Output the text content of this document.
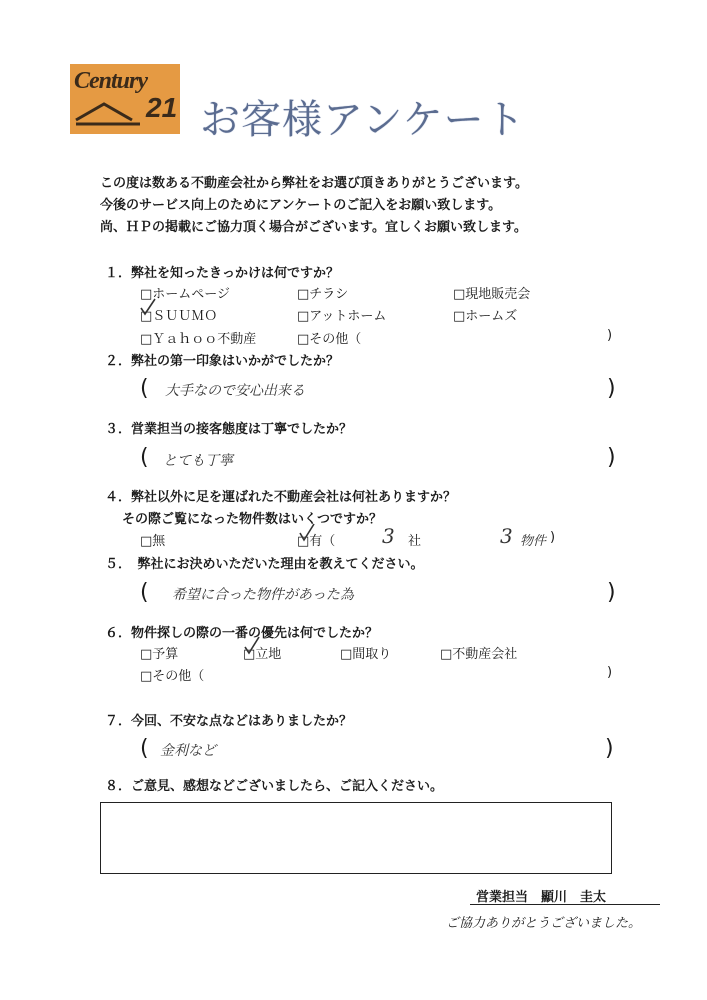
Century
21 お客様アンケート
この度は数ある不動産会社から弊社をお選び頂きありがとうございます。
今後のサービス向上のためにアンケートのご記入をお願い致します。
尚、ＨＰの掲載にご協力頂く場合がございます。宜しくお願い致します。
１．弊社を知ったきっかけは何ですか？
□ホームページ	□チラシ	□現地販売会
□ＳＵＵＭＯ	□アットホーム	□ホームズ
□Ｙａｈｏｏ不動産	□その他（	)
２．弊社の第一印象はいかがでしたか？
( 大手なので安心出来る	)
３．営業担当の接客態度は丁寧でしたか？
( とても丁寧	)
４．弊社以外に足を運ばれた不動産会社は何社ありますか？
その際ご覧になった物件数はいくつですか？
□無	□有（ 3 社	3 物件 )
５．　弊社にお決めいただいた理由を教えてください。
( 希望に合った物件があった為	)
６．物件探しの際の一番の優先は何でしたか？
□予算	□立地	□間取り	□不動産会社
□その他（	)
７．今回、不安な点などはありましたか？
( 金利など	)
８．ご意見、感想などございましたら、ご記入ください。
営業担当　顯川　圭太
ご協力ありがとうございました。
